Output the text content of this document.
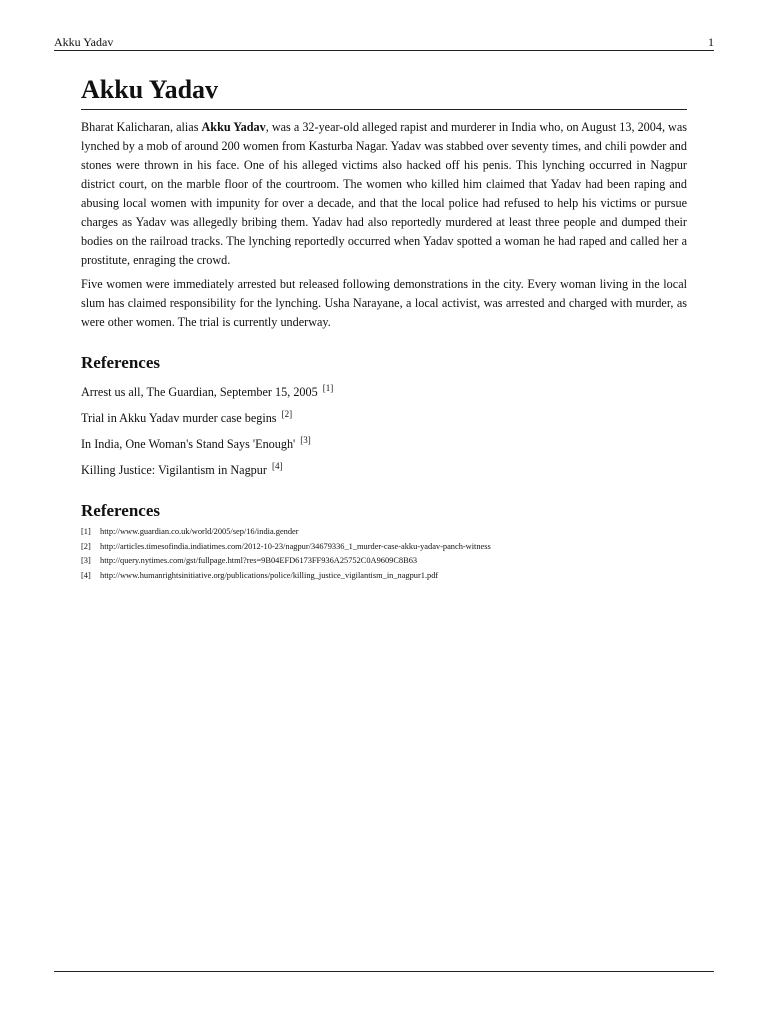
Akku Yadav	1
Akku Yadav

Bharat Kalicharan, alias Akku Yadav, was a 32-year-old alleged rapist and murderer in India who, on August 13, 2004, was lynched by a mob of around 200 women from Kasturba Nagar. Yadav was stabbed over seventy times, and chili powder and stones were thrown in his face. One of his alleged victims also hacked off his penis. This lynching occurred in Nagpur district court, on the marble floor of the courtroom. The women who killed him claimed that Yadav had been raping and abusing local women with impunity for over a decade, and that the local police had refused to help his victims or pursue charges as Yadav was allegedly bribing them. Yadav had also reportedly murdered at least three people and dumped their bodies on the railroad tracks. The lynching reportedly occurred when Yadav spotted a woman he had raped and called her a prostitute, enraging the crowd.

Five women were immediately arrested but released following demonstrations in the city. Every woman living in the local slum has claimed responsibility for the lynching. Usha Narayane, a local activist, was arrested and charged with murder, as were other women. The trial is currently underway.

References
Arrest us all, The Guardian, September 15, 2005 [1]
Trial in Akku Yadav murder case begins [2]
In India, One Woman's Stand Says 'Enough' [3]
Killing Justice: Vigilantism in Nagpur [4]
References
[1] http://www.guardian.co.uk/world/2005/sep/16/india.gender
[2] http://articles.timesofindia.indiatimes.com/2012-10-23/nagpur/34679336_1_murder-case-akku-yadav-panch-witness
[3] http://query.nytimes.com/gst/fullpage.html?res=9B04EFD6173FF936A25752C0A9609C8B63
[4] http://www.humanrightsinitiative.org/publications/police/killing_justice_vigilantism_in_nagpur1.pdf
